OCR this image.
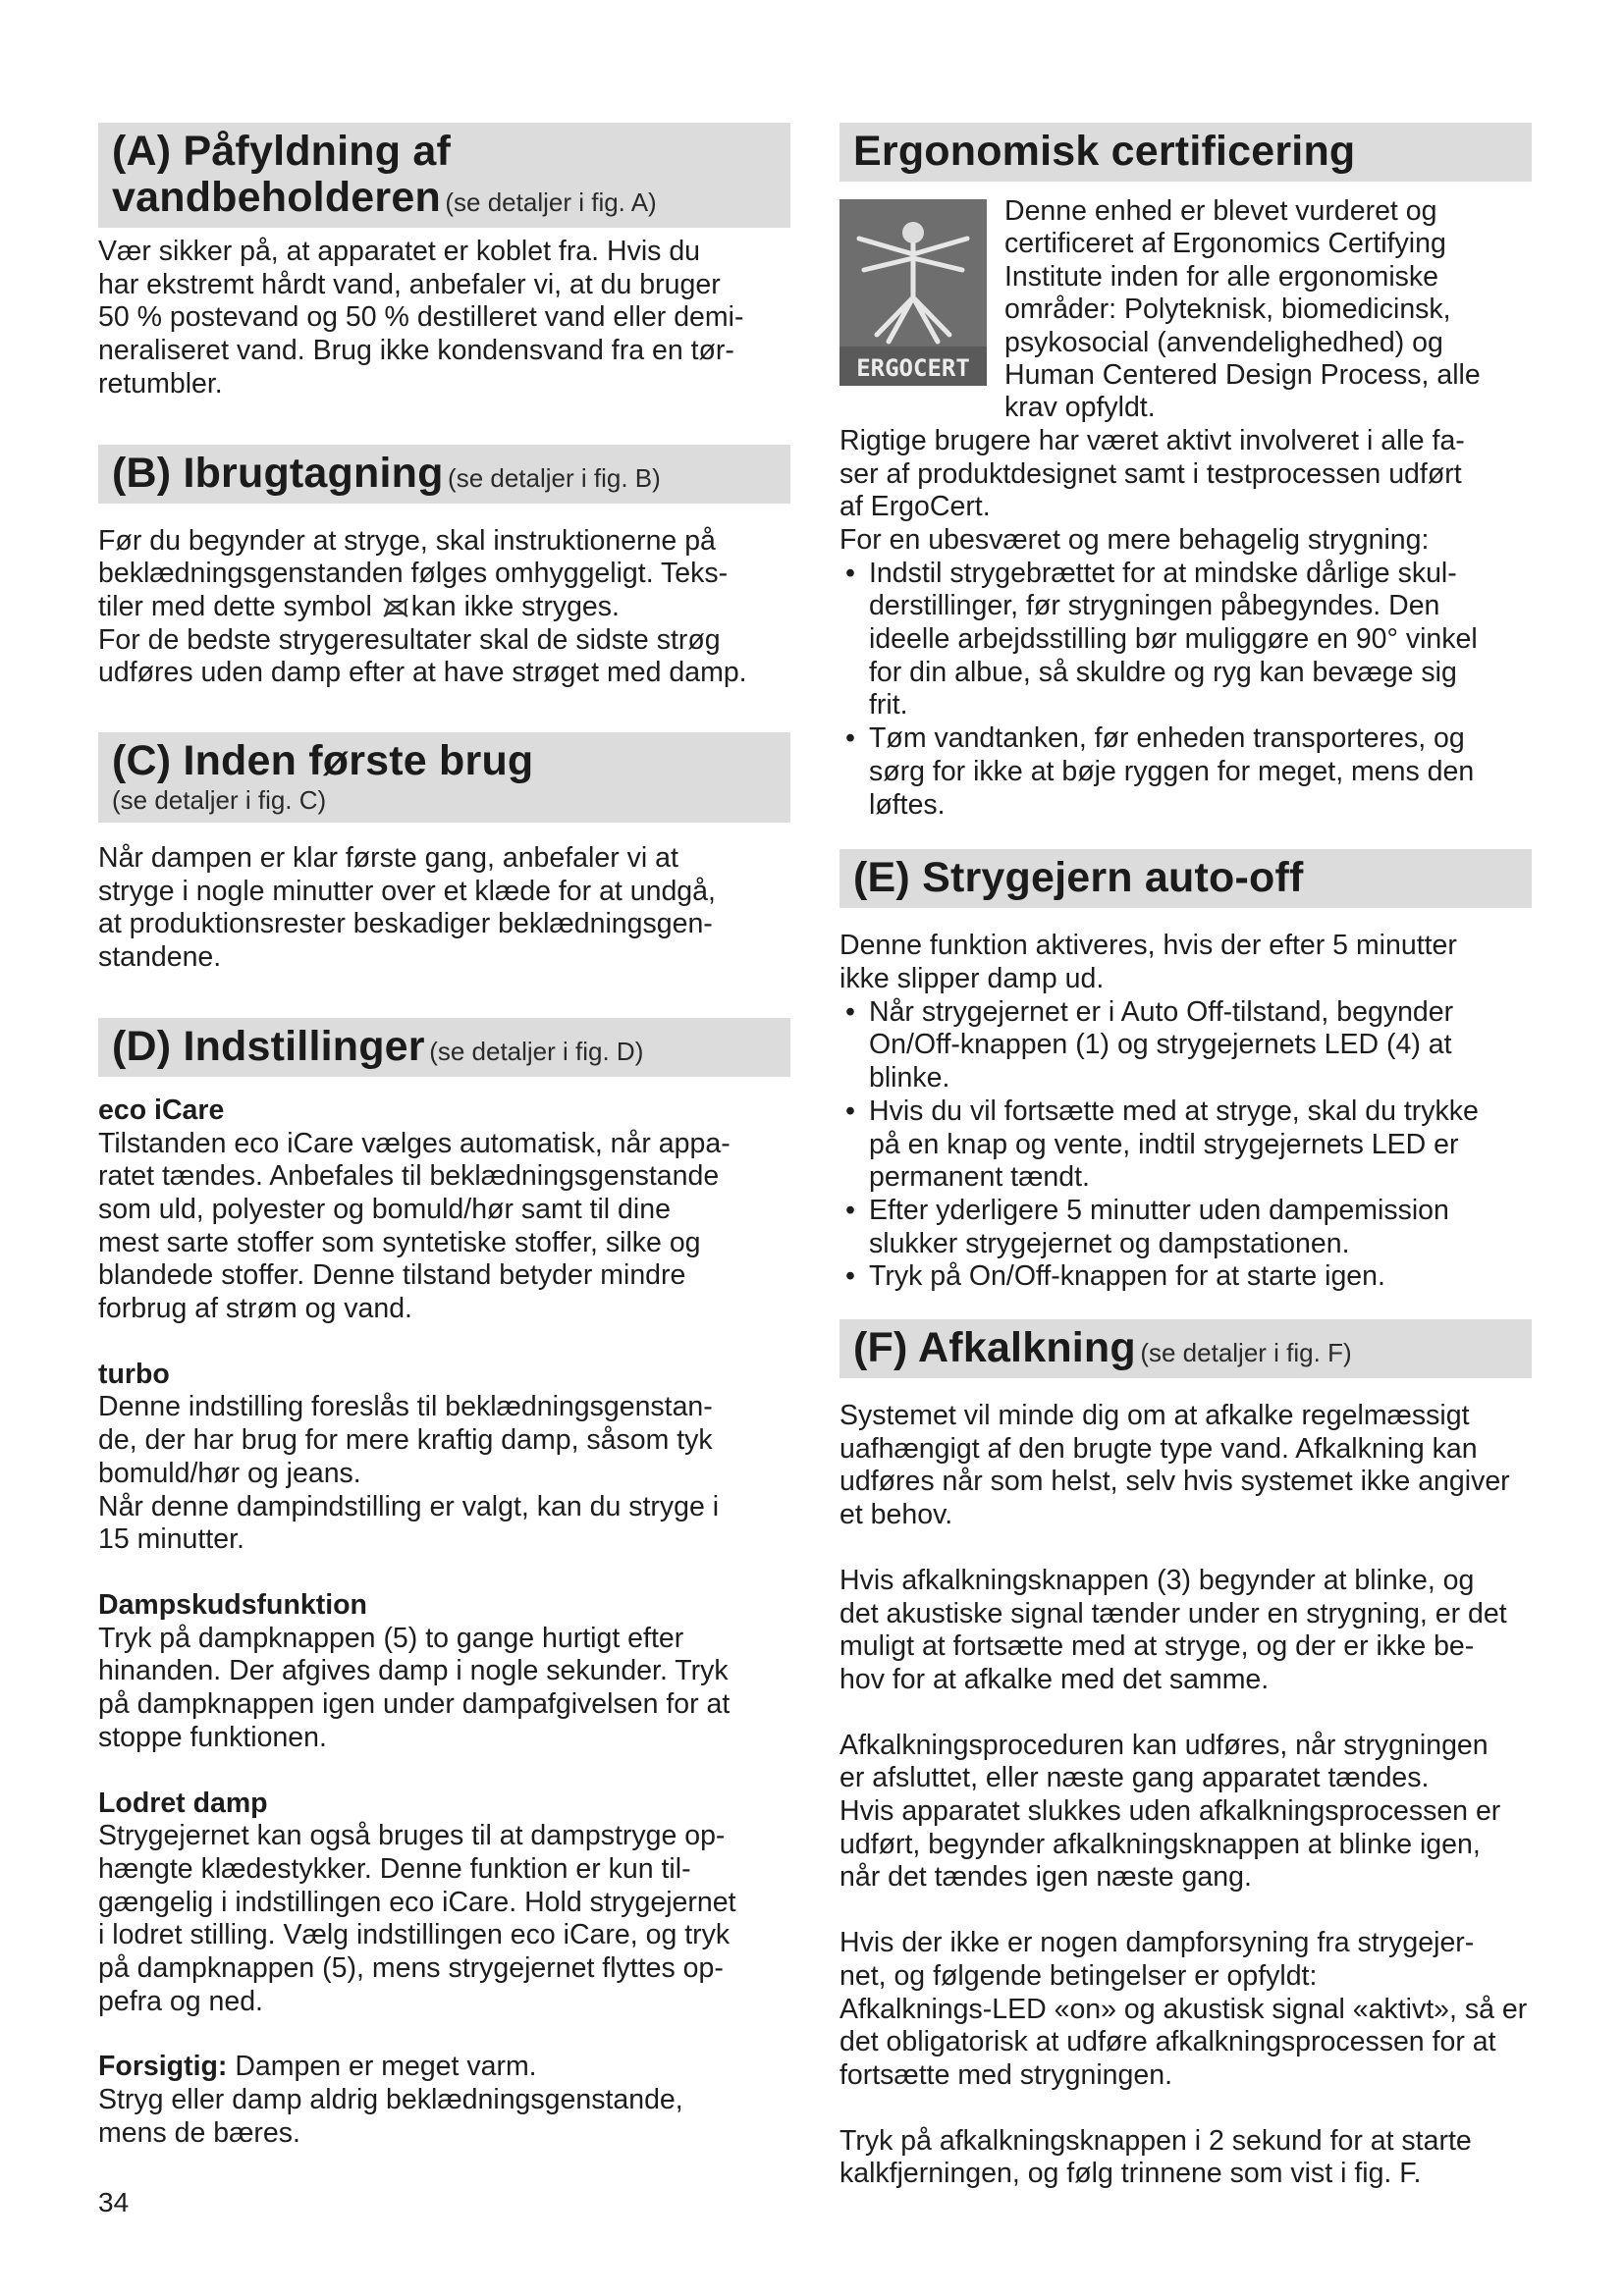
(A) Påfyldning af
vandbeholderen (se detaljer i fig. A)

Vær sikker på, at apparatet er koblet fra. Hvis du

har ekstremt hårdt vand, anbefaler vi, at du bruger

50 % postevand og 50 % destilleret vand eller demi-

neraliseret vand. Brug ikke kondensvand fra en tør-

retumbler.

(B) Ibrugtagning (se detaljer i fig. B)

Før du begynder at stryge, skal instruktionerne på

beklædningsgenstanden følges omhyggeligt. Teks-

tiler med dette symbol kan ikke stryges.

For de bedste strygeresultater skal de sidste strøg

udføres uden damp efter at have strøget med damp.

(C) Inden første brug
(se detaljer i fig. C)

Når dampen er klar første gang, anbefaler vi at

stryge i nogle minutter over et klæde for at undgå,

at produktionsrester beskadiger beklædningsgen-

standene.

(D) Indstillinger (se detaljer i fig. D)

eco iCare

Tilstanden eco iCare vælges automatisk, når appa-

ratet tændes. Anbefales til beklædningsgenstande

som uld, polyester og bomuld/hør samt til dine

mest sarte stoffer som syntetiske stoffer, silke og

blandede stoffer. Denne tilstand betyder mindre

forbrug af strøm og vand.

turbo

Denne indstilling foreslås til beklædningsgenstan-

de, der har brug for mere kraftig damp, såsom tyk

bomuld/hør og jeans.

Når denne dampindstilling er valgt, kan du stryge i

15 minutter.

Dampskudsfunktion

Tryk på dampknappen (5) to gange hurtigt efter

hinanden. Der afgives damp i nogle sekunder. Tryk

på dampknappen igen under dampafgivelsen for at

stoppe funktionen.

Lodret damp

Strygejernet kan også bruges til at dampstryge op-

hængte klædestykker. Denne funktion er kun til-

gængelig i indstillingen eco iCare. Hold strygejernet

i lodret stilling. Vælg indstillingen eco iCare, og tryk

på dampknappen (5), mens strygejernet flyttes op-

pefra og ned.

Forsigtig: Dampen er meget varm.

Stryg eller damp aldrig beklædningsgenstande,

mens de bæres.

Ergonomisk certificering
ERGOCERT

Denne enhed er blevet vurderet og

certificeret af Ergonomics Certifying

Institute inden for alle ergonomiske

områder: Polyteknisk, biomedicinsk,

psykosocial (anvendelighedhed) og

Human Centered Design Process, alle

krav opfyldt.

Rigtige brugere har været aktivt involveret i alle fa-

ser af produktdesignet samt i testprocessen udført

af ErgoCert.

For en ubesværet og mere behagelig strygning:

• Indstil strygebrættet for at mindske dårlige skul-
derstillinger, før strygningen påbegyndes. Den
ideelle arbejdsstilling bør muliggøre en 90° vinkel
for din albue, så skuldre og ryg kan bevæge sig
frit.
• Tøm vandtanken, før enheden transporteres, og
sørg for ikke at bøje ryggen for meget, mens den
løftes.
(E) Strygejern auto-off

Denne funktion aktiveres, hvis der efter 5 minutter

ikke slipper damp ud.

• Når strygejernet er i Auto Off-tilstand, begynder
On/Off-knappen (1) og strygejernets LED (4) at
blinke.
• Hvis du vil fortsætte med at stryge, skal du trykke
på en knap og vente, indtil strygejernets LED er
permanent tændt.
• Efter yderligere 5 minutter uden dampemission
slukker strygejernet og dampstationen.
• Tryk på On/Off-knappen for at starte igen.
(F) Afkalkning (se detaljer i fig. F)

Systemet vil minde dig om at afkalke regelmæssigt

uafhængigt af den brugte type vand. Afkalkning kan

udføres når som helst, selv hvis systemet ikke angiver

et behov.

Hvis afkalkningsknappen (3) begynder at blinke, og

det akustiske signal tænder under en strygning, er det

muligt at fortsætte med at stryge, og der er ikke be-

hov for at afkalke med det samme.

Afkalkningsproceduren kan udføres, når strygningen

er afsluttet, eller næste gang apparatet tændes.

Hvis apparatet slukkes uden afkalkningsprocessen er

udført, begynder afkalkningsknappen at blinke igen,

når det tændes igen næste gang.

Hvis der ikke er nogen dampforsyning fra strygejer-

net, og følgende betingelser er opfyldt:

Afkalknings-LED «on» og akustisk signal «aktivt», så er

det obligatorisk at udføre afkalkningsprocessen for at

fortsætte med strygningen.

Tryk på afkalkningsknappen i 2 sekund for at starte

kalkfjerningen, og følg trinnene som vist i fig. F.

34
